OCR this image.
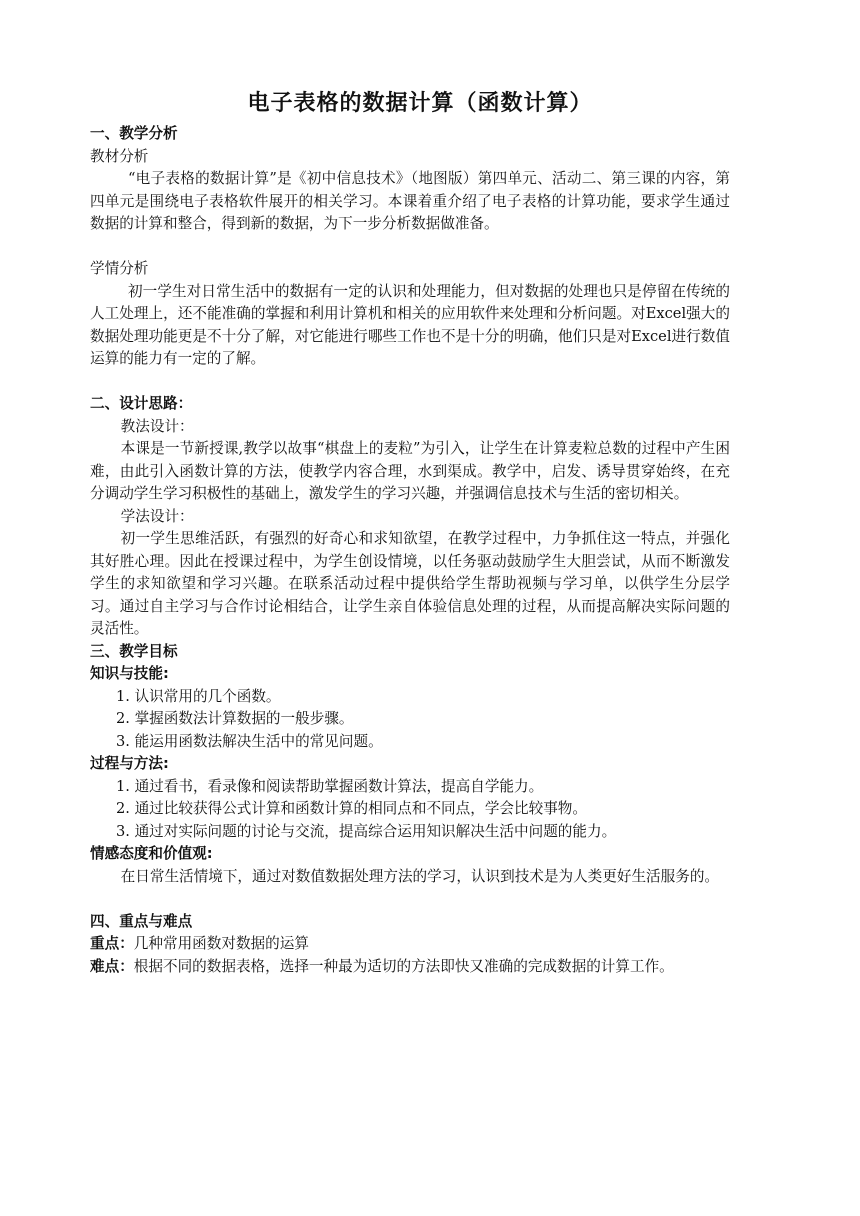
电子表格的数据计算（函数计算）
一、教学分析
教材分析
“电子表格的数据计算”是《初中信息技术》（地图版）第四单元、活动二、第三课的内容，第四单元是围绕电子表格软件展开的相关学习。本课着重介绍了电子表格的计算功能，要求学生通过数据的计算和整合，得到新的数据，为下一步分析数据做准备。
学情分析
初一学生对日常生活中的数据有一定的认识和处理能力，但对数据的处理也只是停留在传统的人工处理上，还不能准确的掌握和利用计算机和相关的应用软件来处理和分析问题。对Excel强大的数据处理功能更是不十分了解，对它能进行哪些工作也不是十分的明确，他们只是对Excel进行数值运算的能力有一定的了解。
二、设计思路：
教法设计：
本课是一节新授课,教学以故事“棋盘上的麦粒”为引入，让学生在计算麦粒总数的过程中产生困难，由此引入函数计算的方法，使教学内容合理，水到渠成。教学中，启发、诱导贯穿始终，在充分调动学生学习积极性的基础上，激发学生的学习兴趣，并强调信息技术与生活的密切相关。
学法设计：
初一学生思维活跃，有强烈的好奇心和求知欲望，在教学过程中，力争抓住这一特点，并强化其好胜心理。因此在授课过程中，为学生创设情境，以任务驱动鼓励学生大胆尝试，从而不断激发学生的求知欲望和学习兴趣。在联系活动过程中提供给学生帮助视频与学习单，以供学生分层学习。通过自主学习与合作讨论相结合，让学生亲自体验信息处理的过程，从而提高解决实际问题的灵活性。
三、教学目标
知识与技能:
1. 认识常用的几个函数。
2. 掌握函数法计算数据的一般步骤。
3. 能运用函数法解决生活中的常见问题。
过程与方法:
1. 通过看书，看录像和阅读帮助掌握函数计算法，提高自学能力。
2. 通过比较获得公式计算和函数计算的相同点和不同点，学会比较事物。
3. 通过对实际问题的讨论与交流，提高综合运用知识解决生活中问题的能力。
情感态度和价值观:
在日常生活情境下，通过对数值数据处理方法的学习，认识到技术是为人类更好生活服务的。
四、重点与难点
重点：几种常用函数对数据的运算
难点：根据不同的数据表格，选择一种最为适切的方法即快又准确的完成数据的计算工作。
